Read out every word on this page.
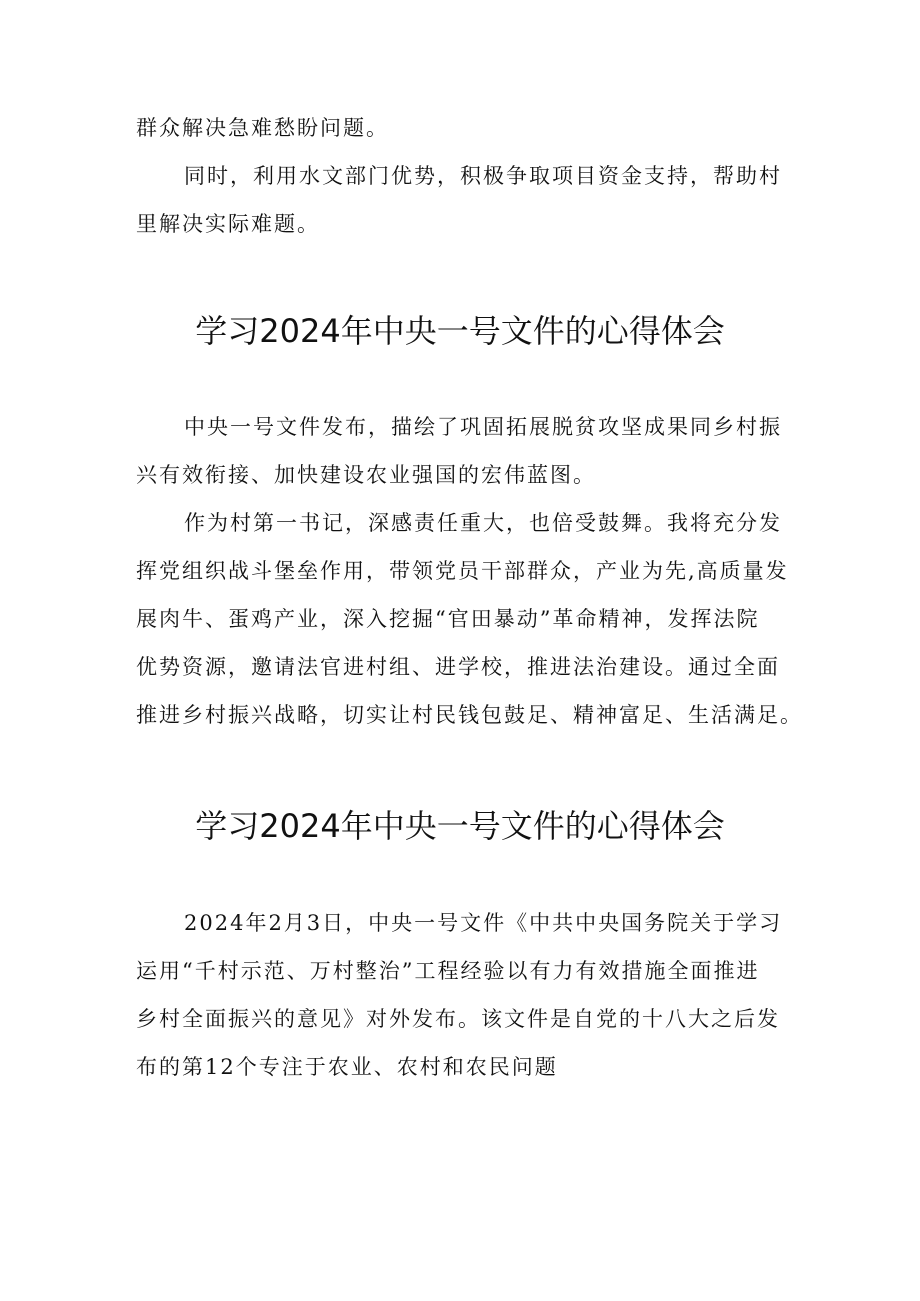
群众解决急难愁盼问题。
同时，利用水文部门优势，积极争取项目资金支持，帮助村
里解决实际难题。
学习2024年中央一号文件的心得体会
中央一号文件发布，描绘了巩固拓展脱贫攻坚成果同乡村振
兴有效衔接、加快建设农业强国的宏伟蓝图。
作为村第一书记，深感责任重大，也倍受鼓舞。我将充分发
挥党组织战斗堡垒作用，带领党员干部群众，产业为先,高质量发
展肉牛、蛋鸡产业，深入挖掘“官田暴动”革命精神，发挥法院
优势资源，邀请法官进村组、进学校，推进法治建设。通过全面
推进乡村振兴战略，切实让村民钱包鼓足、精神富足、生活满足。
学习2024年中央一号文件的心得体会
2024年2月3日，中央一号文件《中共中央国务院关于学习
运用“千村示范、万村整治”工程经验以有力有效措施全面推进
乡村全面振兴的意见》对外发布。该文件是自党的十八大之后发
布的第12个专注于农业、农村和农民问题
